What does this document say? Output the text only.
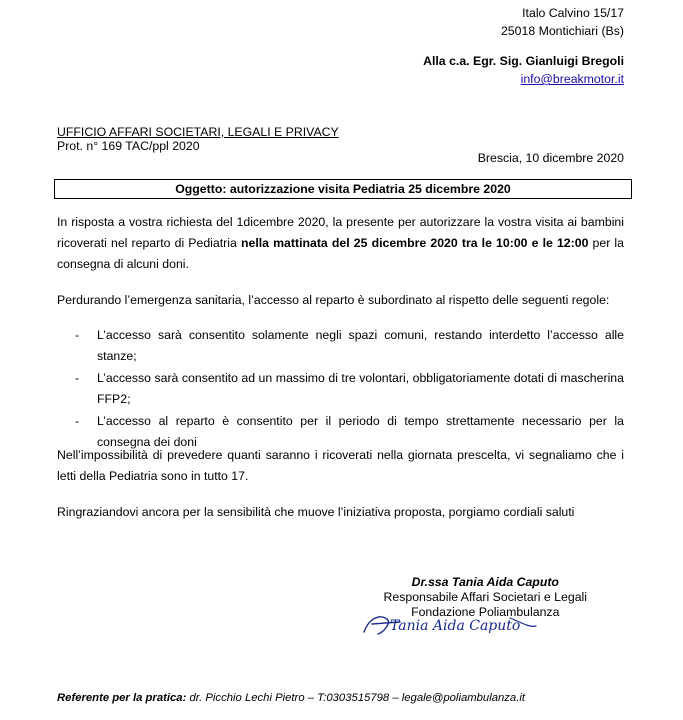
Italo Calvino 15/17
25018 Montichiari (Bs)
Alla c.a. Egr. Sig. Gianluigi Bregoli
info@breakmotor.it
UFFICIO AFFARI SOCIETARI, LEGALI E PRIVACY
Prot. n° 169 TAC/ppl 2020
Brescia, 10 dicembre 2020
Oggetto: autorizzazione visita Pediatria 25 dicembre 2020
In risposta a vostra richiesta del 1dicembre 2020, la presente per autorizzare la vostra visita ai bambini ricoverati nel reparto di Pediatria nella mattinata del 25 dicembre 2020 tra le 10:00 e le 12:00 per la consegna di alcuni doni.
Perdurando l’emergenza sanitaria, l’accesso al reparto è subordinato al rispetto delle seguenti regole:
- L’accesso sarà consentito solamente negli spazi comuni, restando interdetto l’accesso alle stanze;
- L’accesso sarà consentito ad un massimo di tre volontari, obbligatoriamente dotati di mascherina FFP2;
- L’accesso al reparto è consentito per il periodo di tempo strettamente necessario per la consegna dei doni
Nell’impossibilità di prevedere quanti saranno i ricoverati nella giornata prescelta, vi segnaliamo che i letti della Pediatria sono in tutto 17.
Ringraziandovi ancora per la sensibilità che muove l’iniziativa proposta, porgiamo cordiali saluti
Dr.ssa Tania Aida Caputo
Responsabile Affari Societari e Legali
Fondazione Poliambulanza
Tania Aida Caputo
Referente per la pratica: dr. Picchio Lechi Pietro – T:0303515798 – legale@poliambulanza.it
